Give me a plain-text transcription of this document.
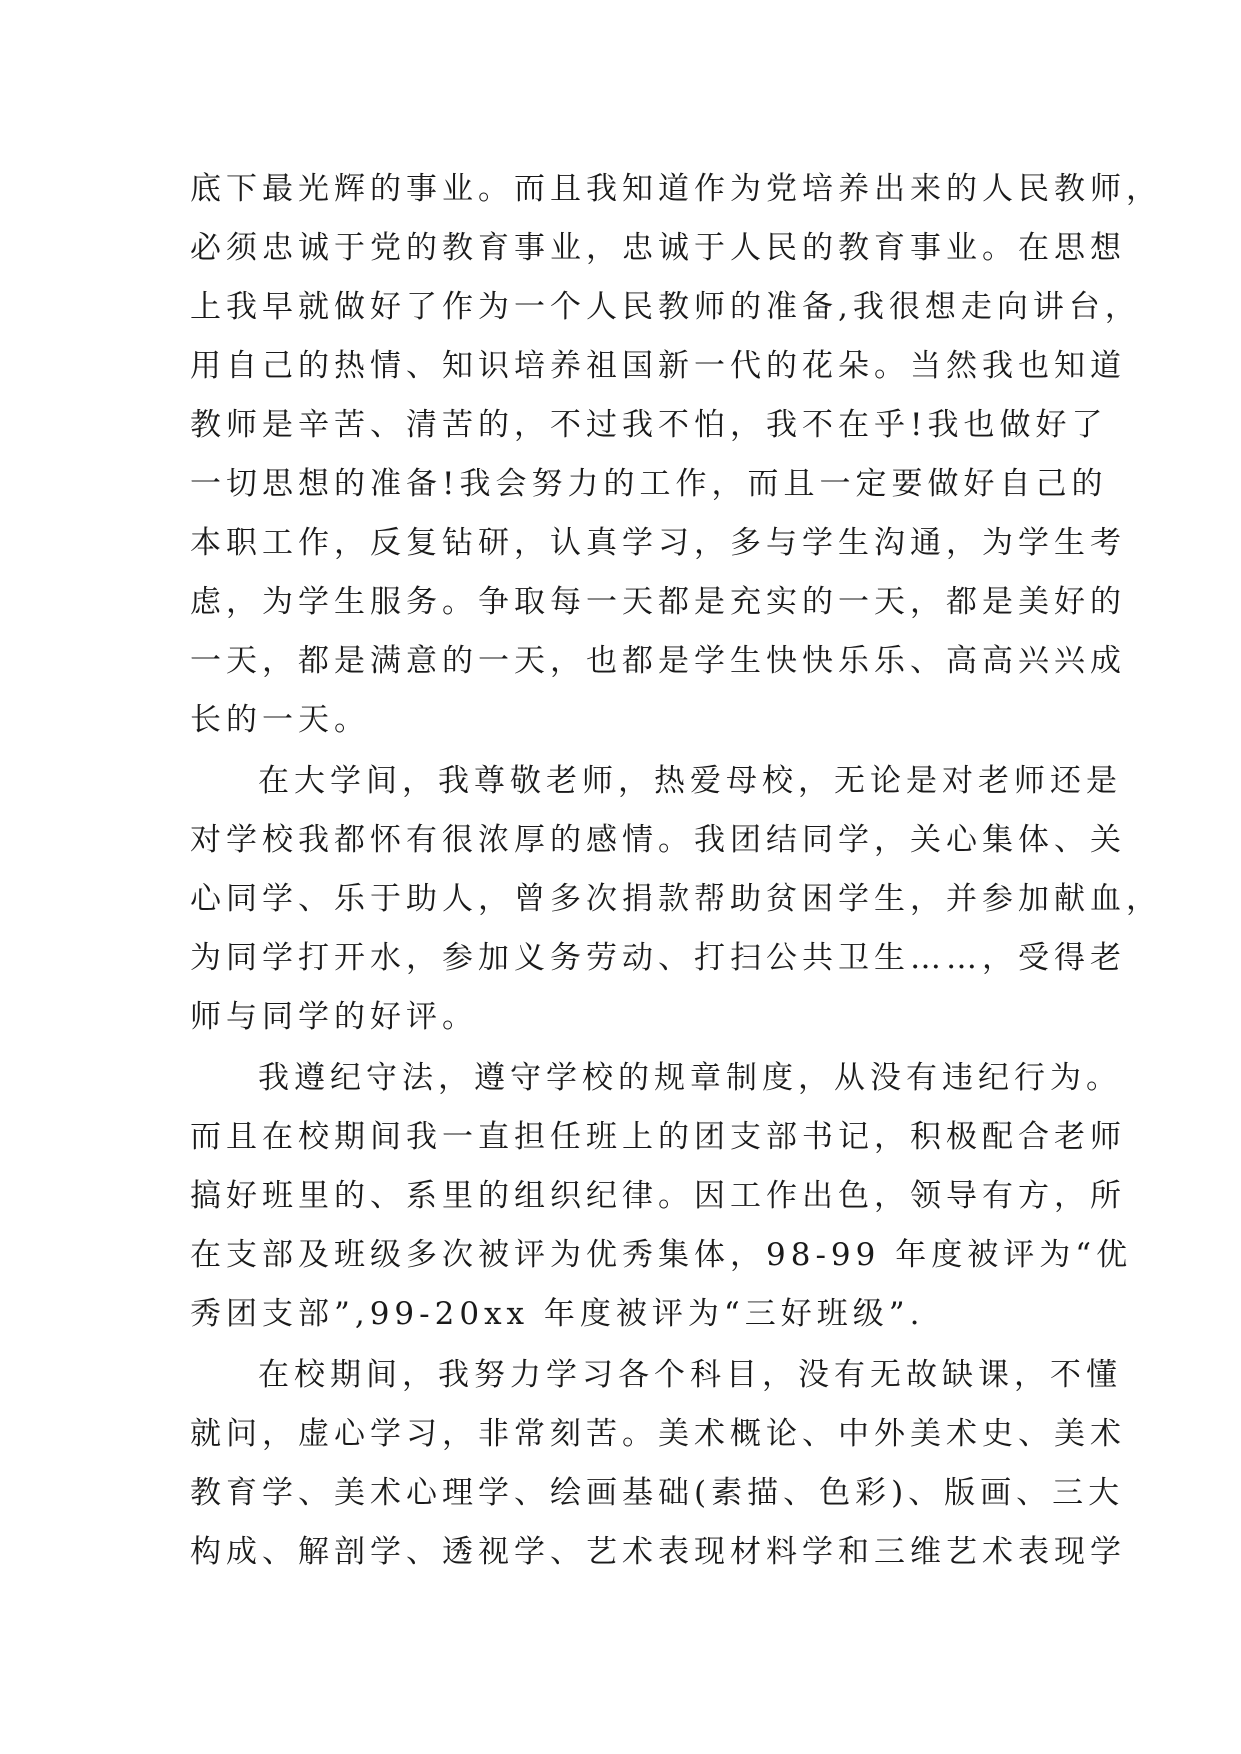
底下最光辉的事业。而且我知道作为党培养出来的人民教师，
必须忠诚于党的教育事业，忠诚于人民的教育事业。在思想
上我早就做好了作为一个人民教师的准备,我很想走向讲台，
用自己的热情、知识培养祖国新一代的花朵。当然我也知道
教师是辛苦、清苦的，不过我不怕，我不在乎!我也做好了
一切思想的准备!我会努力的工作，而且一定要做好自己的
本职工作，反复钻研，认真学习，多与学生沟通，为学生考
虑，为学生服务。争取每一天都是充实的一天，都是美好的
一天，都是满意的一天，也都是学生快快乐乐、高高兴兴成
长的一天。
在大学间，我尊敬老师，热爱母校，无论是对老师还是
对学校我都怀有很浓厚的感情。我团结同学，关心集体、关
心同学、乐于助人，曾多次捐款帮助贫困学生，并参加献血，
为同学打开水，参加义务劳动、打扫公共卫生……，受得老
师与同学的好评。
我遵纪守法，遵守学校的规章制度，从没有违纪行为。
而且在校期间我一直担任班上的团支部书记，积极配合老师
搞好班里的、系里的组织纪律。因工作出色，领导有方，所
在支部及班级多次被评为优秀集体，98-99 年度被评为“优
秀团支部”,99-20xx 年度被评为“三好班级”.
在校期间，我努力学习各个科目，没有无故缺课，不懂
就问，虚心学习，非常刻苦。美术概论、中外美术史、美术
教育学、美术心理学、绘画基础(素描、色彩)、版画、三大
构成、解剖学、透视学、艺术表现材料学和三维艺术表现学
